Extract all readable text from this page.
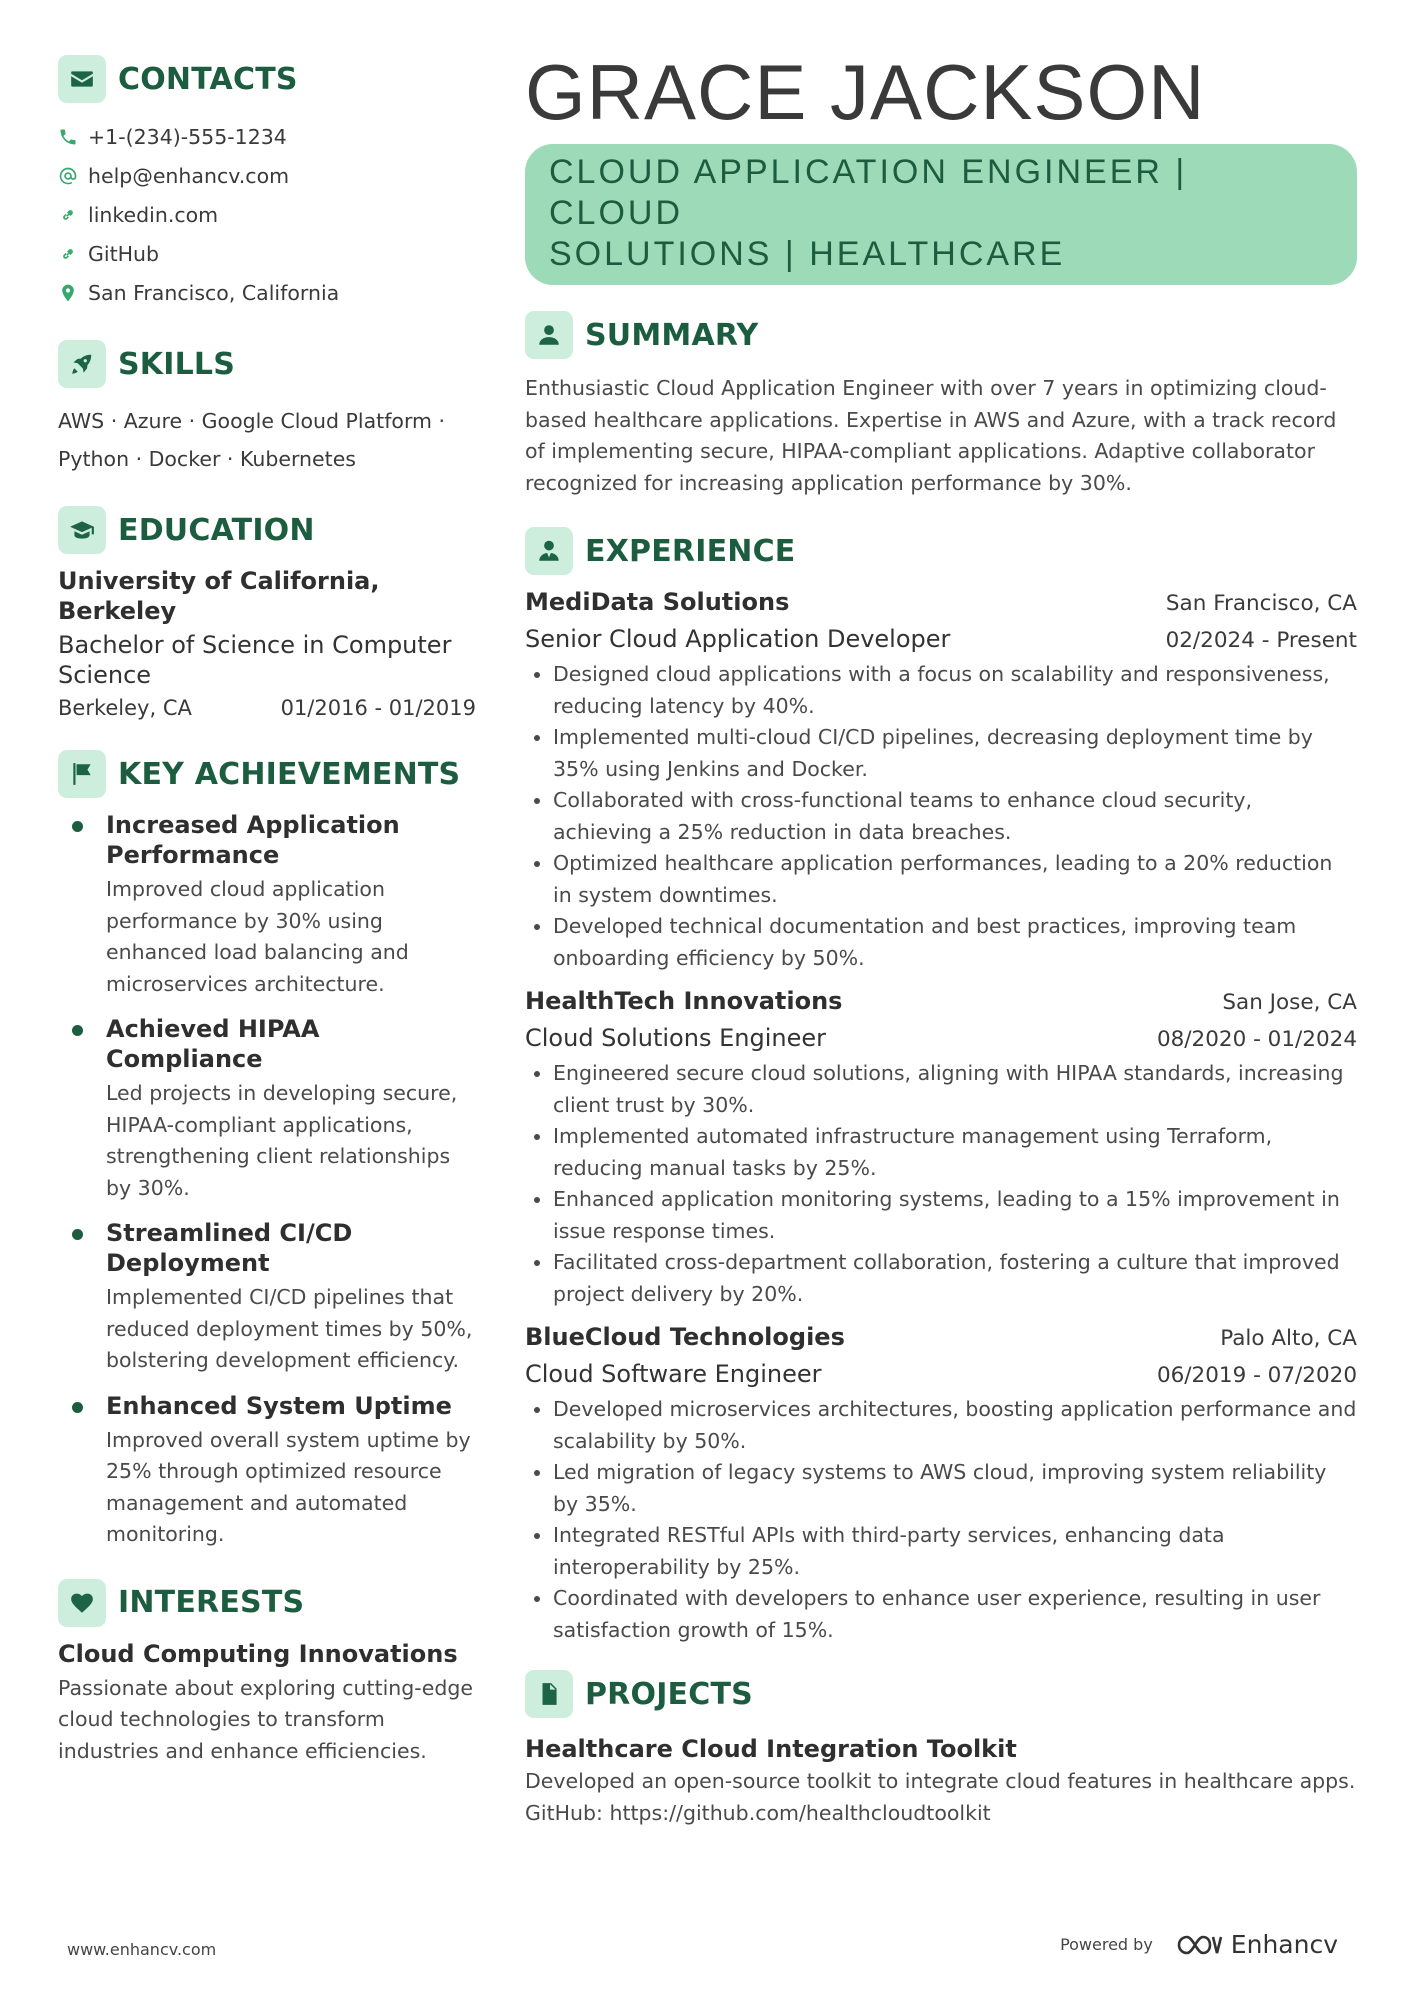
CONTACTS
+1-(234)-555-1234
help@enhancv.com
linkedin.com
GitHub
San Francisco, California
SKILLS
AWS · Azure · Google Cloud Platform ·
Python · Docker · Kubernetes
EDUCATION
University of California, Berkeley
Bachelor of Science in Computer Science
Berkeley, CA	01/2016 - 01/2019
KEY ACHIEVEMENTS
Increased Application Performance
Improved cloud application performance by 30% using enhanced load balancing and microservices architecture.
Achieved HIPAA Compliance
Led projects in developing secure, HIPAA-compliant applications, strengthening client relationships by 30%.
Streamlined CI/CD Deployment
Implemented CI/CD pipelines that reduced deployment times by 50%, bolstering development efficiency.
Enhanced System Uptime
Improved overall system uptime by 25% through optimized resource management and automated monitoring.
INTERESTS
Cloud Computing Innovations
Passionate about exploring cutting-edge cloud technologies to transform industries and enhance efficiencies.
GRACE JACKSON
CLOUD APPLICATION ENGINEER | CLOUD
SOLUTIONS | HEALTHCARE
SUMMARY
Enthusiastic Cloud Application Engineer with over 7 years in optimizing cloud-based healthcare applications. Expertise in AWS and Azure, with a track record of implementing secure, HIPAA-compliant applications. Adaptive collaborator recognized for increasing application performance by 30%.
EXPERIENCE
MediData Solutions	San Francisco, CA
Senior Cloud Application Developer	02/2024 - Present
Designed cloud applications with a focus on scalability and responsiveness, reducing latency by 40%.
Implemented multi-cloud CI/CD pipelines, decreasing deployment time by 35% using Jenkins and Docker.
Collaborated with cross-functional teams to enhance cloud security, achieving a 25% reduction in data breaches.
Optimized healthcare application performances, leading to a 20% reduction in system downtimes.
Developed technical documentation and best practices, improving team onboarding efficiency by 50%.
HealthTech Innovations	San Jose, CA
Cloud Solutions Engineer	08/2020 - 01/2024
Engineered secure cloud solutions, aligning with HIPAA standards, increasing client trust by 30%.
Implemented automated infrastructure management using Terraform, reducing manual tasks by 25%.
Enhanced application monitoring systems, leading to a 15% improvement in issue response times.
Facilitated cross-department collaboration, fostering a culture that improved project delivery by 20%.
BlueCloud Technologies	Palo Alto, CA
Cloud Software Engineer	06/2019 - 07/2020
Developed microservices architectures, boosting application performance and scalability by 50%.
Led migration of legacy systems to AWS cloud, improving system reliability by 35%.
Integrated RESTful APIs with third-party services, enhancing data interoperability by 25%.
Coordinated with developers to enhance user experience, resulting in user satisfaction growth of 15%.
PROJECTS
Healthcare Cloud Integration Toolkit
Developed an open-source toolkit to integrate cloud features in healthcare apps.
GitHub: https://github.com/healthcloudtoolkit
www.enhancv.com	Powered by	Enhancv
